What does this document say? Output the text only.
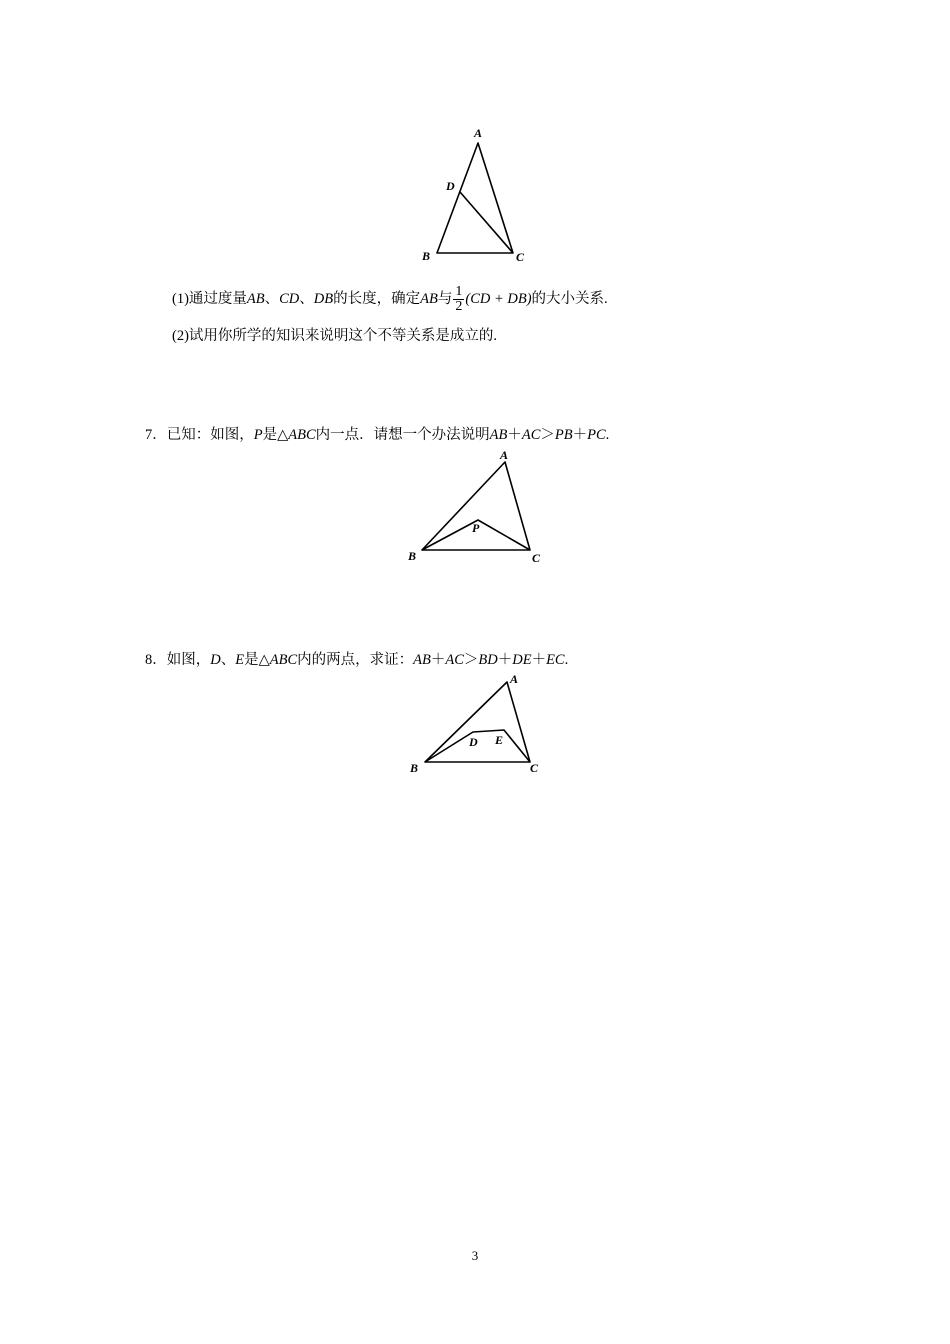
A
D
B	C
(1)通过度量AB、CD、DB的长度，确定AB与 $\frac{1}{2} (CD + DB)$的大小关系.
(2)试用你所学的知识来说明这个不等关系是成立的.
7．已知：如图，P是△ABC内一点．请想一个办法说明AB＋AC＞PB＋PC.
A
P
B	C
8．如图，D、E是△ABC内的两点，求证：AB＋AC＞BD＋DE＋EC.
A
D E
B	C
3
